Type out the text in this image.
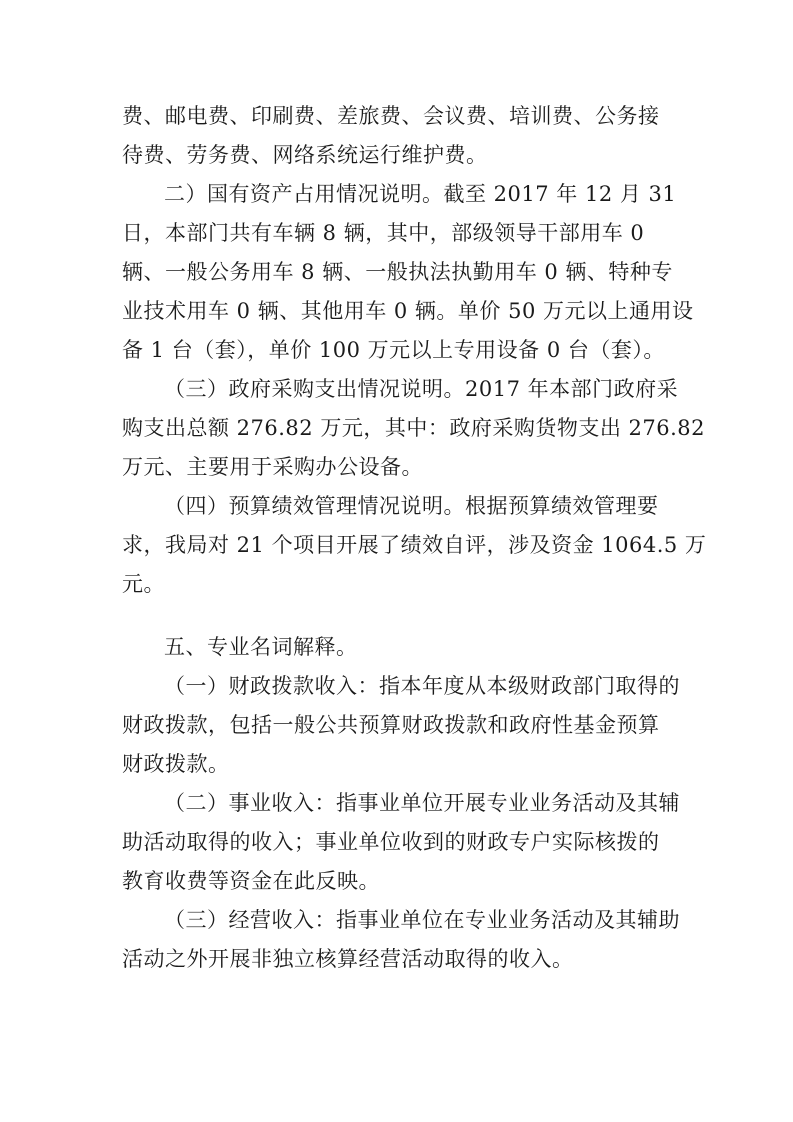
费、邮电费、印刷费、差旅费、会议费、培训费、公务接
待费、劳务费、网络系统运行维护费。
二）国有资产占用情况说明。截至 2017 年 12 月 31
日，本部门共有车辆 8 辆，其中，部级领导干部用车 0
辆、一般公务用车 8 辆、一般执法执勤用车 0 辆、特种专
业技术用车 0 辆、其他用车 0 辆。单价 50 万元以上通用设
备 1 台（套），单价 100 万元以上专用设备 0 台（套）。
（三）政府采购支出情况说明。2017 年本部门政府采
购支出总额 276.82 万元，其中：政府采购货物支出 276.82
万元、主要用于采购办公设备。
（四）预算绩效管理情况说明。根据预算绩效管理要
求，我局对 21 个项目开展了绩效自评，涉及资金 1064.5 万
元。
五、专业名词解释。
（一）财政拨款收入：指本年度从本级财政部门取得的
财政拨款，包括一般公共预算财政拨款和政府性基金预算
财政拨款。
（二）事业收入：指事业单位开展专业业务活动及其辅
助活动取得的收入；事业单位收到的财政专户实际核拨的
教育收费等资金在此反映。
（三）经营收入：指事业单位在专业业务活动及其辅助
活动之外开展非独立核算经营活动取得的收入。
